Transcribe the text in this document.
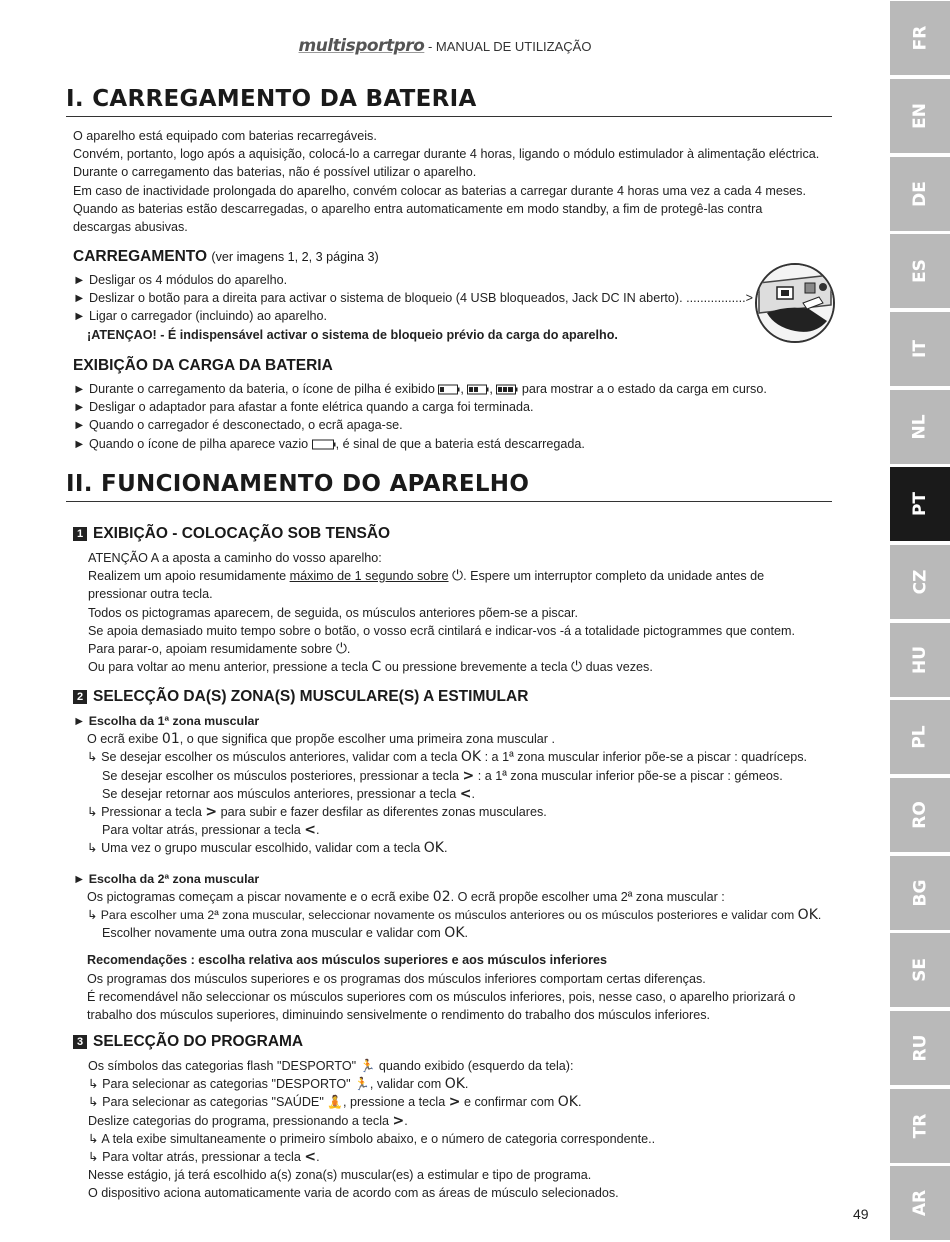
multisportpro - MANUAL DE UTILIZAÇÃO
I. CARREGAMENTO DA BATERIA
O aparelho está equipado com baterias recarregáveis.
Convém, portanto, logo após a aquisição, colocá-lo a carregar durante 4 horas, ligando o módulo estimulador à alimentação eléctrica.
Durante o carregamento das baterias, não é possível utilizar o aparelho.
Em caso de inactividade prolongada do aparelho, convém colocar as baterias a carregar durante 4 horas uma vez a cada 4 meses.
Quando as baterias estão descarregadas, o aparelho entra automaticamente em modo standby, a fim de protegê-las contra
descargas abusivas.
CARREGAMENTO (ver imagens 1, 2, 3 página 3)
► Desligar os 4 módulos do aparelho.
► Deslizar o botão para a direita para activar o sistema de bloqueio (4 USB bloqueados, Jack DC IN aberto). .................>
► Ligar o carregador (incluindo) ao aparelho.
¡ATENÇAO! - É indispensável activar o sistema de bloqueio prévio da carga do aparelho.
EXIBIÇÃO DA CARGA DA BATERIA
► Durante o carregamento da bateria, o ícone de pilha é exibido , ,  para mostrar a o estado da carga em curso.
► Desligar o adaptador para afastar a fonte elétrica quando a carga foi terminada.
► Quando o carregador é desconectado, o ecrã apaga-se.
► Quando o ícone de pilha aparece vazio , é sinal de que a bateria está descarregada.
II. FUNCIONAMENTO DO APARELHO
1 EXIBIÇÃO - COLOCAÇÃO SOB TENSÃO
ATENÇÃO A a aposta a caminho do vosso aparelho:
Realizem um apoio resumidamente máximo de 1 segundo sobre ⏻. Espere um interruptor completo da unidade antes de
pressionar outra tecla.
Todos os pictogramas aparecem, de seguida, os músculos anteriores põem-se a piscar.
Se apoia demasiado muito tempo sobre o botão, o vosso ecrã cintilará e indicar-vos -á a totalidade pictogrammes que contem.
Para parar-o, apoiam resumidamente sobre ⏻.
Ou para voltar ao menu anterior, pressione a tecla C ou pressione brevemente a tecla ⏻ duas vezes.
2 SELECÇÃO DA(S) ZONA(S) MUSCULARE(S) A ESTIMULAR
► Escolha da 1ª zona muscular
O ecrã exibe 01, o que significa que propõe escolher uma primeira zona muscular .
↳ Se desejar escolher os músculos anteriores, validar com a tecla OK : a 1ª zona muscular inferior põe-se a piscar : quadríceps.
Se desejar escolher os músculos posteriores, pressionar a tecla > : a 1ª zona muscular inferior põe-se a piscar : gémeos.
Se desejar retornar aos músculos anteriores, pressionar a tecla <.
↳ Pressionar a tecla > para subir e fazer desfilar as diferentes zonas musculares.
Para voltar atrás, pressionar a tecla <.
↳ Uma vez o grupo muscular escolhido, validar com a tecla OK.
► Escolha da 2ª zona muscular
Os pictogramas começam a piscar novamente e o ecrã exibe 02. O ecrã propõe escolher uma 2ª zona muscular :
↳ Para escolher uma 2ª zona muscular, seleccionar novamente os músculos anteriores ou os músculos posteriores e validar com OK.
Escolher novamente uma outra zona muscular e validar com OK.
Recomendações : escolha relativa aos músculos superiores e aos músculos inferiores
Os programas dos músculos superiores e os programas dos músculos inferiores comportam certas diferenças.
É recomendável não seleccionar os músculos superiores com os músculos inferiores, pois, nesse caso, o aparelho priorizará o
trabalho dos músculos superiores, diminuindo sensivelmente o rendimento do trabalho dos músculos inferiores.
3 SELECÇÃO DO PROGRAMA
Os símbolos das categorias flash "DESPORTO" 🏃 quando exibido (esquerdo da tela):
↳ Para selecionar as categorias "DESPORTO" 🏃, validar com OK.
↳ Para selecionar as categorias "SAÚDE" 🧘, pressione a tecla > e confirmar com OK.
Deslize categorias do programa, pressionando a tecla >.
↳ A tela exibe simultaneamente o primeiro símbolo abaixo, e o número de categoria correspondente..
↳ Para voltar atrás, pressionar a tecla <.
Nesse estágio, já terá escolhido a(s) zona(s) muscular(es) a estimular e tipo de programa.
O dispositivo aciona automaticamente varia de acordo com as áreas de músculo selecionados.
FR
EN
DE
ES
IT
NL
PT
CZ
HU
PL
RO
BG
SE
RU
TR
AR
49
